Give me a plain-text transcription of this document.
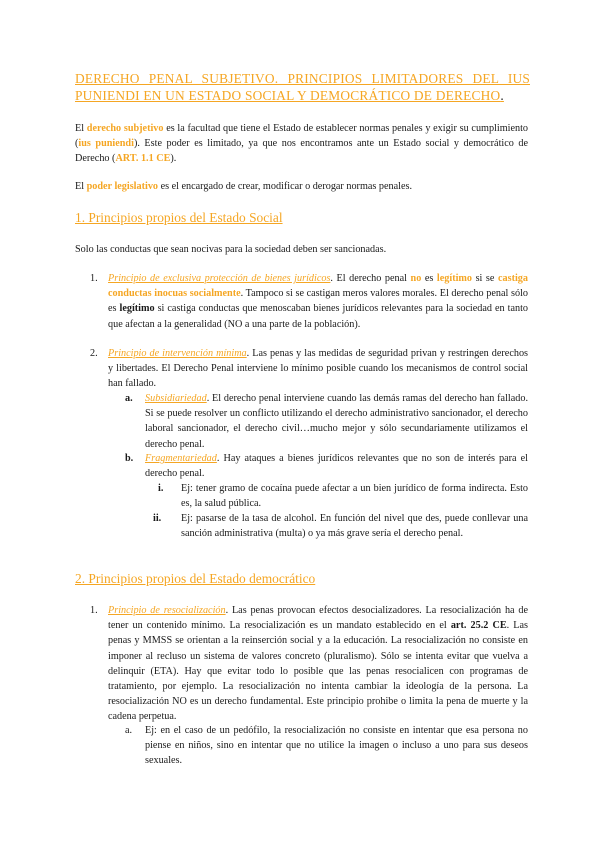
DERECHO PENAL SUBJETIVO. PRINCIPIOS LIMITADORES DEL IUS PUNIENDI EN UN ESTADO SOCIAL Y DEMOCRÁTICO DE DERECHO.

El derecho subjetivo es la facultad que tiene el Estado de establecer normas penales y exigir su cumplimiento (ius puniendi). Este poder es limitado, ya que nos encontramos ante un Estado social y democrático de Derecho (ART. 1.1 CE).

El poder legislativo es el encargado de crear, modificar o derogar normas penales.

1. Principios propios del Estado Social

Solo las conductas que sean nocivas para la sociedad deben ser sancionadas.

1. Principio de exclusiva protección de bienes jurídicos. El derecho penal no es legítimo si se castiga conductas inocuas socialmente. Tampoco si se castigan meros valores morales. El derecho penal sólo es legítimo si castiga conductas que menoscaban bienes jurídicos relevantes para la sociedad en tanto que afectan a la generalidad (NO a una parte de la población).

2. Principio de intervención mínima. Las penas y las medidas de seguridad privan y restringen derechos y libertades. El Derecho Penal interviene lo mínimo posible cuando los mecanismos de control social han fallado.

a. Subsidiariedad. El derecho penal interviene cuando las demás ramas del derecho han fallado. Si se puede resolver un conflicto utilizando el derecho administrativo sancionador, el derecho laboral sancionador, el derecho civil…mucho mejor y sólo secundariamente utilizamos el derecho penal.

b. Fragmentariedad. Hay ataques a bienes jurídicos relevantes que no son de interés para el derecho penal.

i. Ej: tener gramo de cocaína puede afectar a un bien jurídico de forma indirecta. Esto es, la salud pública.

ii. Ej: pasarse de la tasa de alcohol. En función del nivel que des, puede conllevar una sanción administrativa (multa) o ya más grave sería el derecho penal.

2. Principios propios del Estado democrático
1. Principio de resocialización. Las penas provocan efectos desocializadores. La resocialización ha de tener un contenido mínimo. La resocialización es un mandato establecido en el art. 25.2 CE. Las penas y MMSS se orientan a la reinserción social y a la educación. La resocialización no consiste en imponer al recluso un sistema de valores concreto (pluralismo). Sólo se intenta evitar que vuelva a delinquir (ETA). Hay que evitar todo lo posible que las penas resocialicen con programas de tratamiento, por ejemplo. La resocialización no intenta cambiar la ideología de la persona. La resocialización NO es un derecho fundamental. Este principio prohibe o limita la pena de muerte y la cadena perpetua.

a. Ej: en el caso de un pedófilo, la resocialización no consiste en intentar que esa persona no piense en niños, sino en intentar que no utilice la imagen o incluso a uno para sus deseos sexuales.
